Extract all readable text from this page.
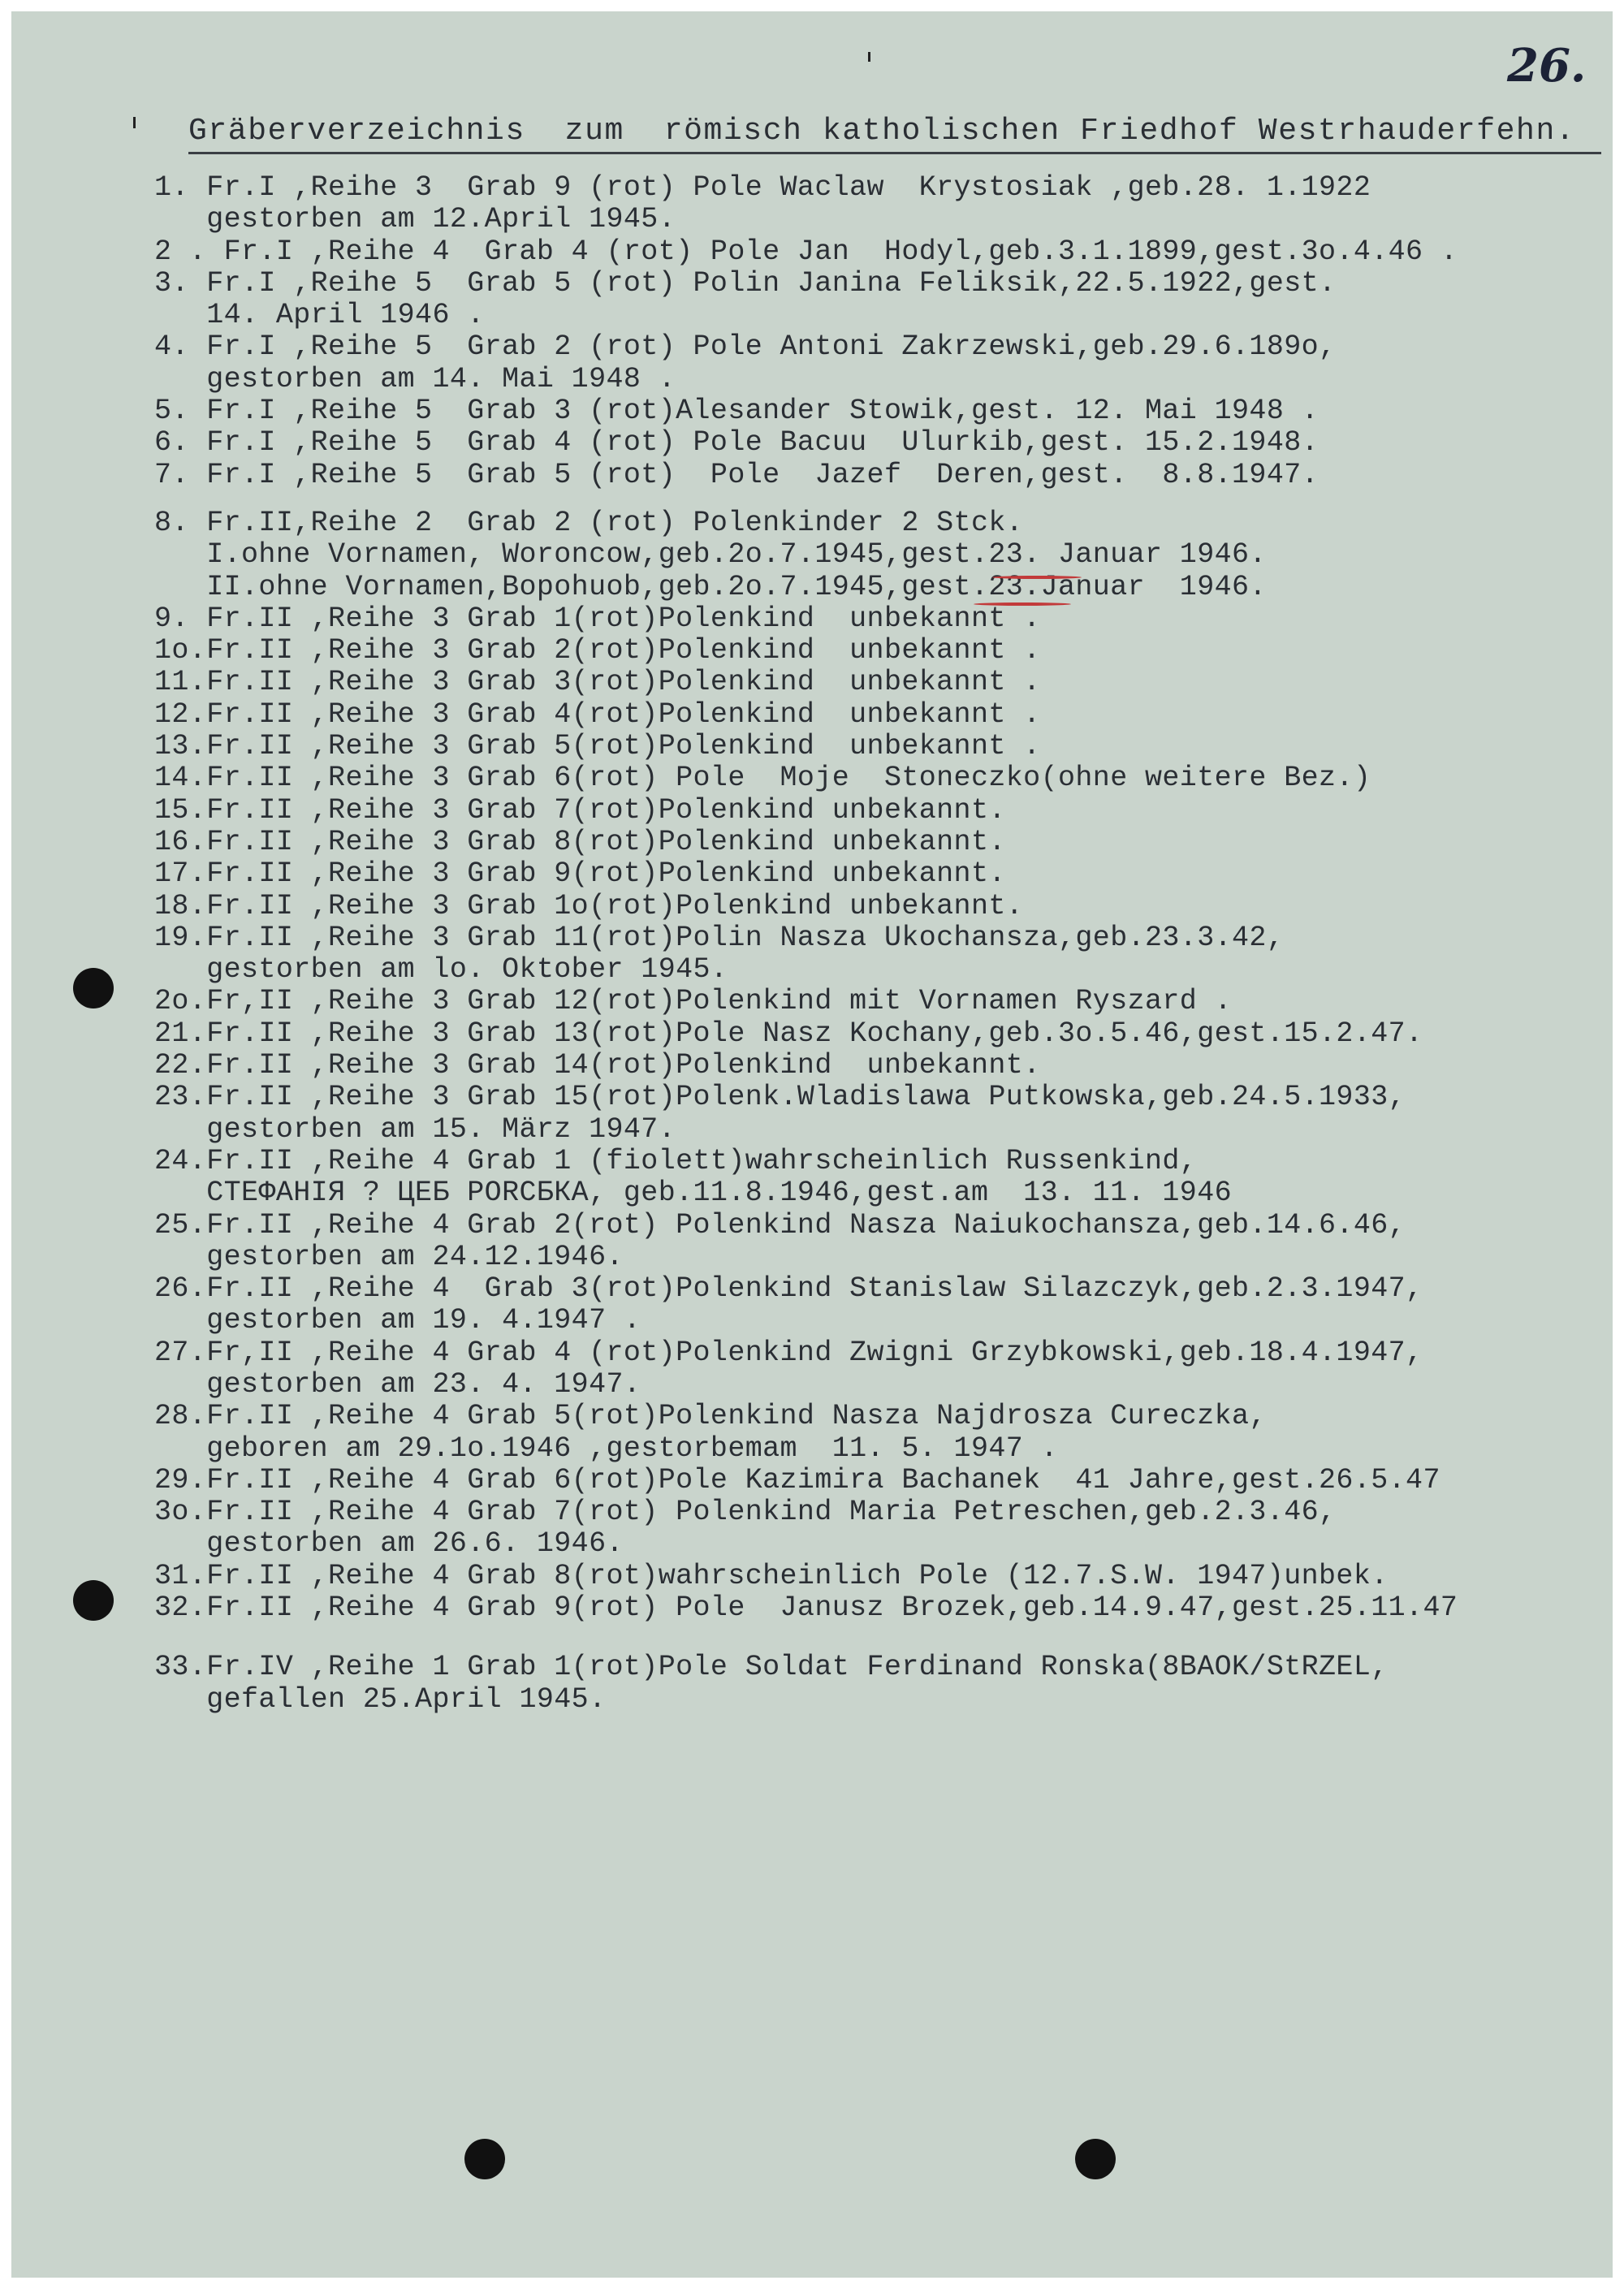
26.
Gräberverzeichnis  zum  römisch katholischen Friedhof Westrhauderfehn.
1. Fr.I ,Reihe 3  Grab 9 (rot) Pole Waclaw  Krystosiak ,geb.28. 1.1922
gestorben am 12.April 1945.
2 . Fr.I ,Reihe 4  Grab 4 (rot) Pole Jan  Hodyl,geb.3.1.1899,gest.3o.4.46 .
3. Fr.I ,Reihe 5  Grab 5 (rot) Polin Janina Feliksik,22.5.1922,gest.
14. April 1946 .
4. Fr.I ,Reihe 5  Grab 2 (rot) Pole Antoni Zakrzewski,geb.29.6.189o,
gestorben am 14. Mai 1948 .
5. Fr.I ,Reihe 5  Grab 3 (rot)Alesander Stowik,gest. 12. Mai 1948 .
6. Fr.I ,Reihe 5  Grab 4 (rot) Pole Bacuu  Ulurkib,gest. 15.2.1948.
7. Fr.I ,Reihe 5  Grab 5 (rot)  Pole  Jazef  Deren,gest.  8.8.1947.
8. Fr.II,Reihe 2  Grab 2 (rot) Polenkinder 2 Stck.
I.ohne Vornamen, Woroncow,geb.2o.7.1945,gest.23. Januar 1946.
II.ohne Vornamen,Bopohuob,geb.2o.7.1945,gest.23.Januar  1946.
9. Fr.II ,Reihe 3 Grab 1(rot)Polenkind  unbekannt .
1o.Fr.II ,Reihe 3 Grab 2(rot)Polenkind  unbekannt .
11.Fr.II ,Reihe 3 Grab 3(rot)Polenkind  unbekannt .
12.Fr.II ,Reihe 3 Grab 4(rot)Polenkind  unbekannt .
13.Fr.II ,Reihe 3 Grab 5(rot)Polenkind  unbekannt .
14.Fr.II ,Reihe 3 Grab 6(rot) Pole  Moje  Stoneczko(ohne weitere Bez.)
15.Fr.II ,Reihe 3 Grab 7(rot)Polenkind unbekannt.
16.Fr.II ,Reihe 3 Grab 8(rot)Polenkind unbekannt.
17.Fr.II ,Reihe 3 Grab 9(rot)Polenkind unbekannt.
18.Fr.II ,Reihe 3 Grab 1o(rot)Polenkind unbekannt.
19.Fr.II ,Reihe 3 Grab 11(rot)Polin Nasza Ukochansza,geb.23.3.42,
gestorben am lo. Oktober 1945.
2o.Fr,II ,Reihe 3 Grab 12(rot)Polenkind mit Vornamen Ryszard .
21.Fr.II ,Reihe 3 Grab 13(rot)Pole Nasz Kochany,geb.3o.5.46,gest.15.2.47.
22.Fr.II ,Reihe 3 Grab 14(rot)Polenkind  unbekannt.
23.Fr.II ,Reihe 3 Grab 15(rot)Polenk.Wladislawa Putkowska,geb.24.5.1933,
gestorben am 15. März 1947.
24.Fr.II ,Reihe 4 Grab 1 (fiolett)wahrscheinlich Russenkind,
СТЕФАНІЯ ? ЦЕБ PORCБКА, geb.11.8.1946,gest.am  13. 11. 1946
25.Fr.II ,Reihe 4 Grab 2(rot) Polenkind Nasza Naiukochansza,geb.14.6.46,
gestorben am 24.12.1946.
26.Fr.II ,Reihe 4  Grab 3(rot)Polenkind Stanislaw Silazczyk,geb.2.3.1947,
gestorben am 19. 4.1947 .
27.Fr,II ,Reihe 4 Grab 4 (rot)Polenkind Zwigni Grzybkowski,geb.18.4.1947,
gestorben am 23. 4. 1947.
28.Fr.II ,Reihe 4 Grab 5(rot)Polenkind Nasza Najdrosza Cureczka,
geboren am 29.1o.1946 ,gestorbemam  11. 5. 1947 .
29.Fr.II ,Reihe 4 Grab 6(rot)Pole Kazimira Bachanek  41 Jahre,gest.26.5.47
3o.Fr.II ,Reihe 4 Grab 7(rot) Polenkind Maria Petreschen,geb.2.3.46,
gestorben am 26.6. 1946.
31.Fr.II ,Reihe 4 Grab 8(rot)wahrscheinlich Pole (12.7.S.W. 1947)unbek.
32.Fr.II ,Reihe 4 Grab 9(rot) Pole  Janusz Brozek,geb.14.9.47,gest.25.11.47
33.Fr.IV ,Reihe 1 Grab 1(rot)Pole Soldat Ferdinand Ronska(8BAOK/StRZEL,
gefallen 25.April 1945.
